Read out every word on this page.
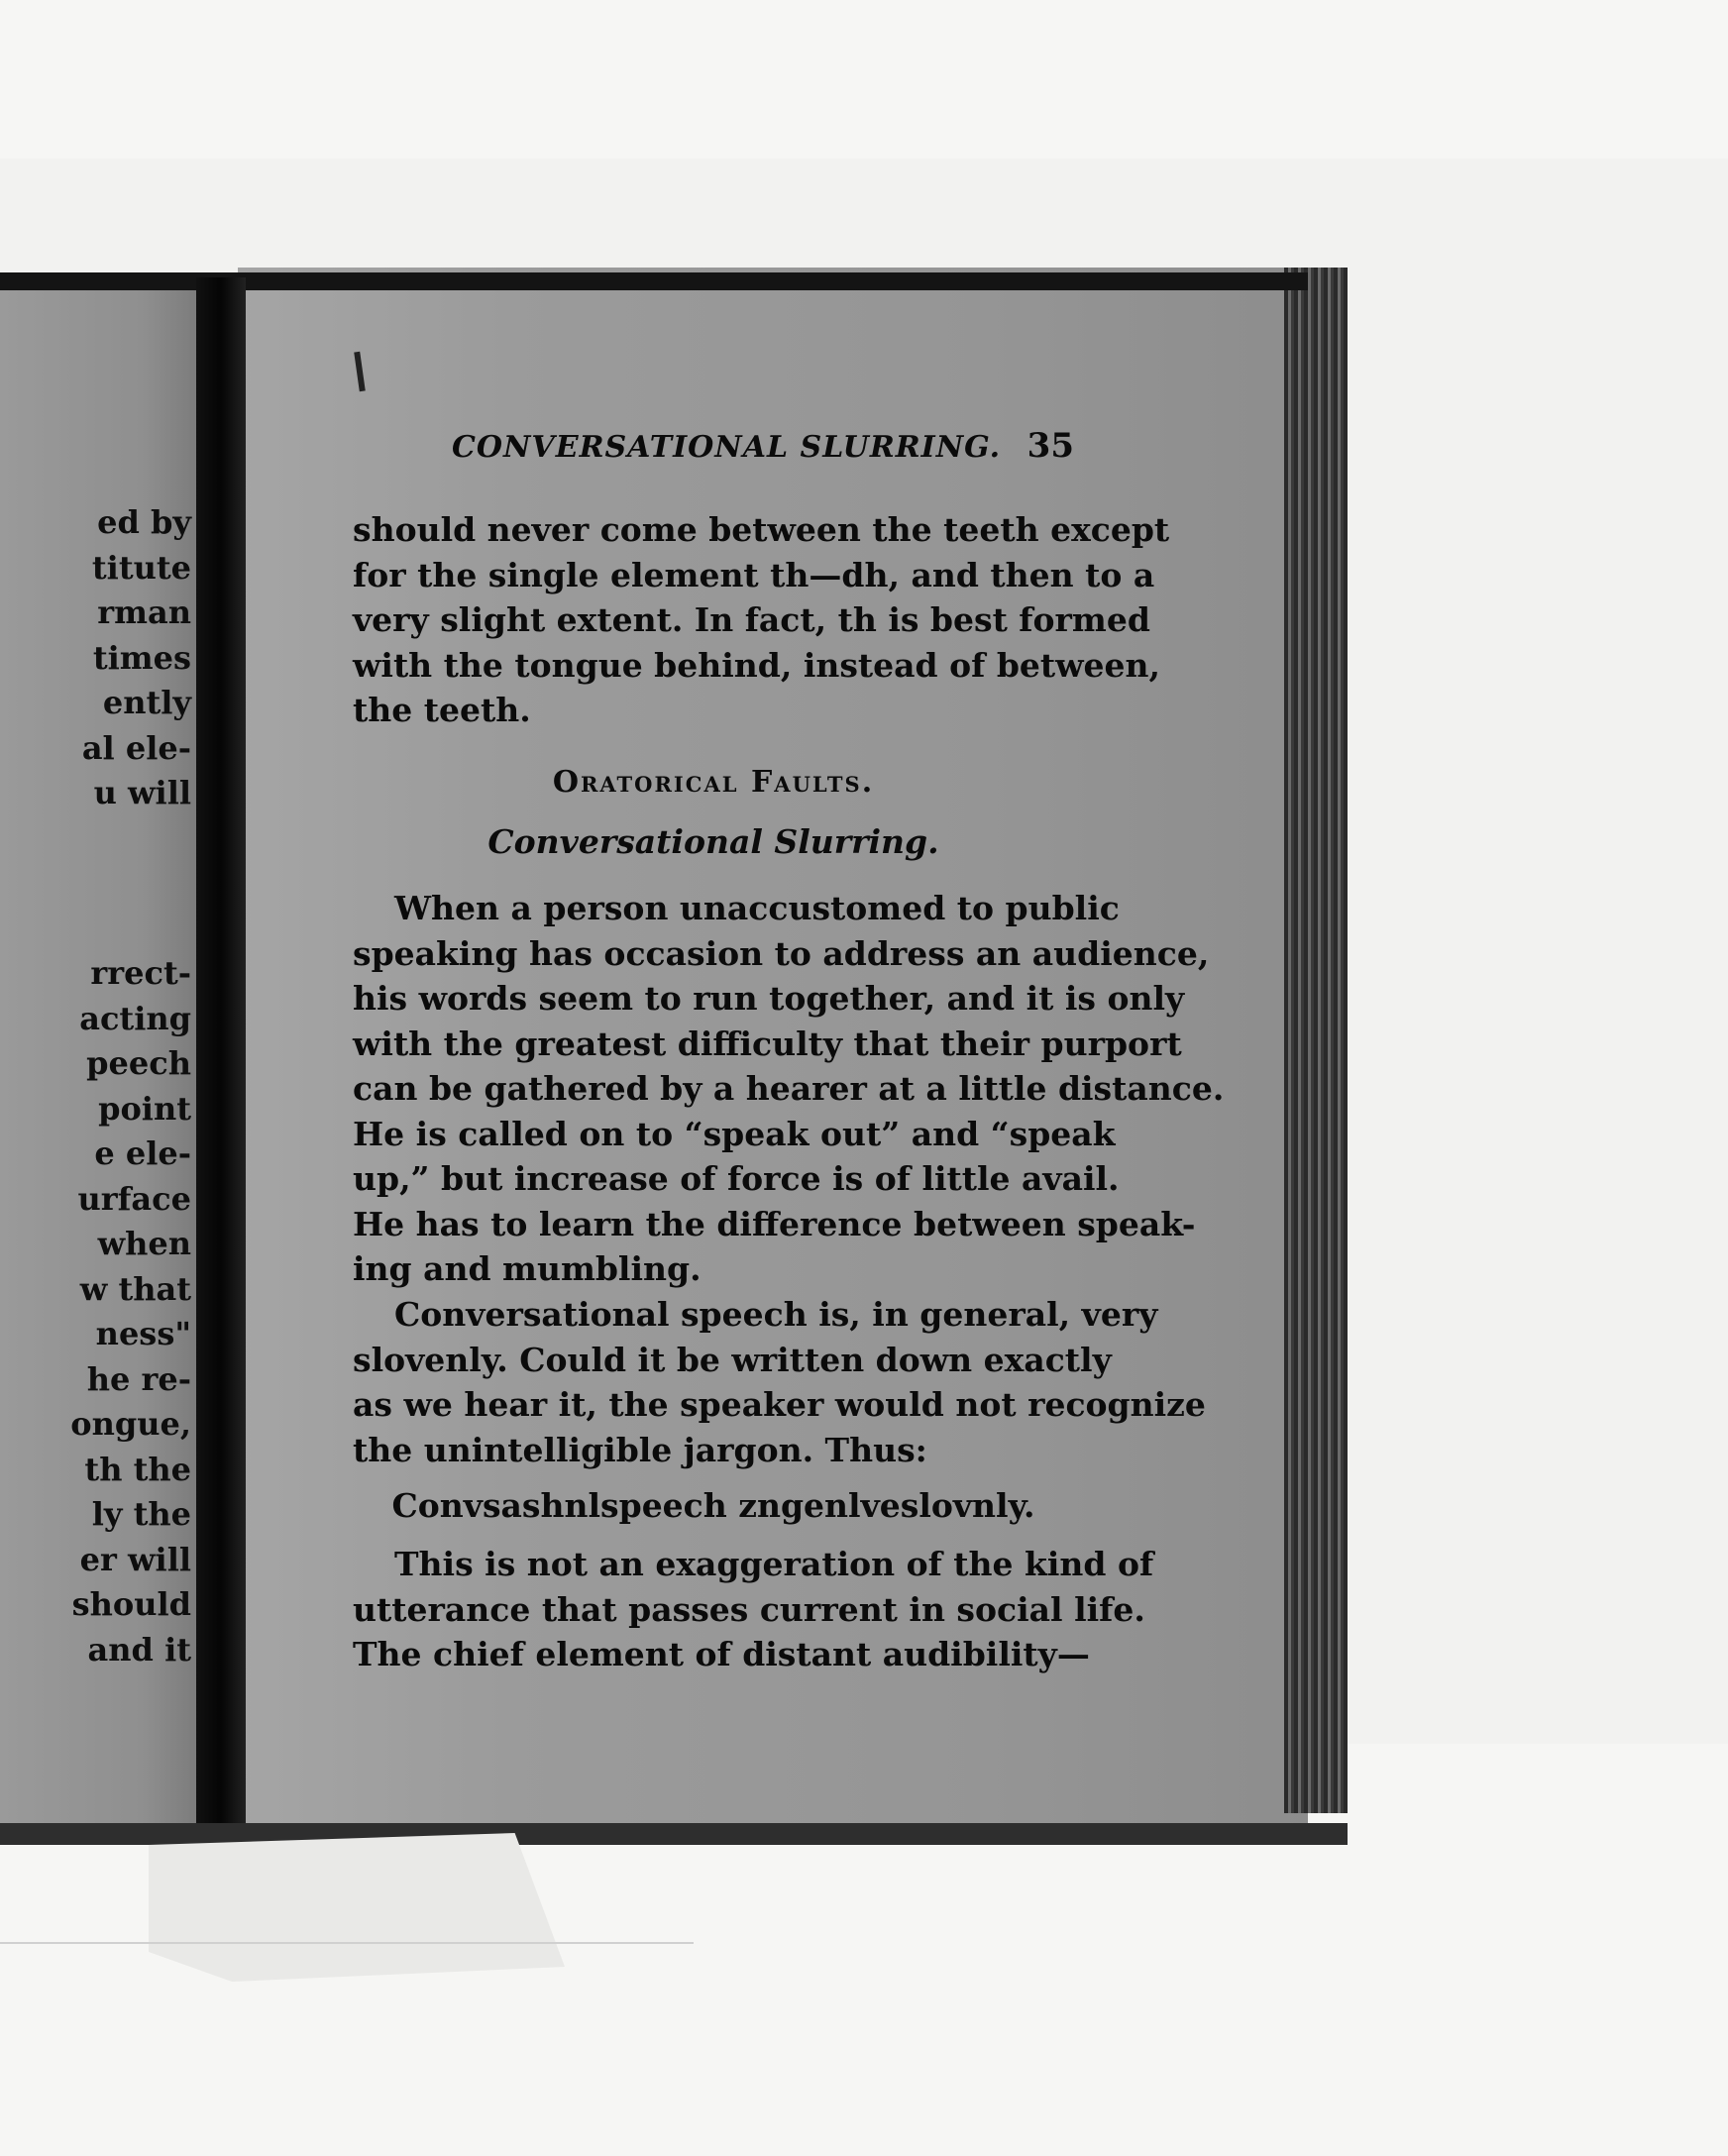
ed by
titute
rman
times
ently
al ele-
u will
rrect-
acting
peech
point
e ele-
urface
when
w that
ness"
he re-
ongue,
th the
ly the
er will
should
and it
CONVERSATIONAL SLURRING. 35
should never come between the teeth except
for the single element th—dh, and then to a
very slight extent. In fact, th is best formed
with the tongue behind, instead of between,
the teeth.
Oratorical Faults.
Conversational Slurring.
When a person unaccustomed to public
speaking has occasion to address an audience,
his words seem to run together, and it is only
with the greatest difficulty that their purport
can be gathered by a hearer at a little distance.
He is called on to “speak out” and “speak
up,” but increase of force is of little avail.
He has to learn the difference between speak-
ing and mumbling.
Conversational speech is, in general, very
slovenly. Could it be written down exactly
as we hear it, the speaker would not recognize
the unintelligible jargon. Thus:
Convsashnlspeech zngenlveslovnly.
This is not an exaggeration of the kind of
utterance that passes current in social life.
The chief element of distant audibility—
